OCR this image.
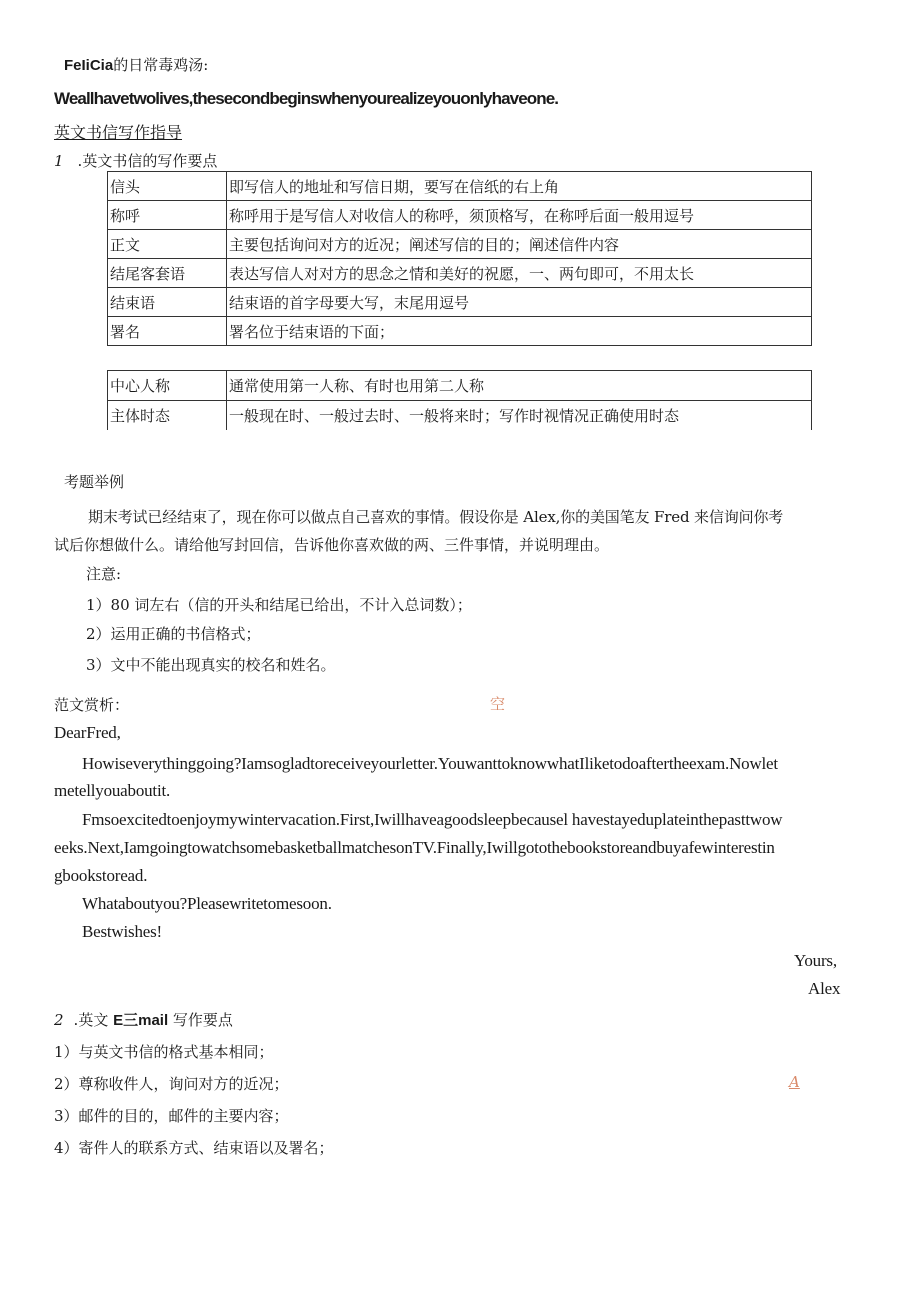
FeIiCia的日常毒鸡汤:
Weallhavetwolives,thesecondbeginswhenyourealizeyouonlyhaveone.
英文书信写作指导
1 .英文书信的写作要点
信头	即写信人的地址和写信日期，要写在信纸的右上角
称呼	称呼用于是写信人对收信人的称呼，须顶格写，在称呼后面一般用逗号
正文	主要包括询问对方的近况；阐述写信的目的；阐述信件内容
结尾客套语	表达写信人对对方的思念之情和美好的祝愿，一、两句即可，不用太长
结束语	结束语的首字母要大写，末尾用逗号
署名	署名位于结束语的下面；
中心人称	通常使用第一人称、有时也用第二人称
主体时态	一般现在时、一般过去时、一般将来时；写作时视情况正确使用时态
考题举例
期末考试已经结束了，现在你可以做点自己喜欢的事情。假设你是 Alex,你的美国笔友 Fred 来信询问你考
试后你想做什么。请给他写封回信，告诉他你喜欢做的两、三件事情，并说明理由。
注意:
1）80 词左右（信的开头和结尾已给出，不计入总词数）；
2）运用正确的书信格式；
3）文中不能出现真实的校名和姓名。
范文赏析：	空
DearFred,
Howiseverythinggoing?Iamsogladtoreceiveyourletter.YouwanttoknowwhatIliketodoaftertheexam.Nowlet
metellyouaboutit.
Fmsoexcitedtoenjoymywintervacation.First,Iwillhaveagoodsleepbecausel havestayeduplateinthepasttwow
eeks.Next,IamgoingtowatchsomebasketballmatchesonTV.Finally,Iwillgotothebookstoreandbuyafewinterestin
gbookstoread.
Whataboutyou?Pleasewritetomesoon.
Bestwishes!
Yours,
Alex
2 .英文 E三mail 写作要点
1）与英文书信的格式基本相同；
2）尊称收件人，询问对方的近况；	A
3）邮件的目的，邮件的主要内容；
4）寄件人的联系方式、结束语以及署名；
